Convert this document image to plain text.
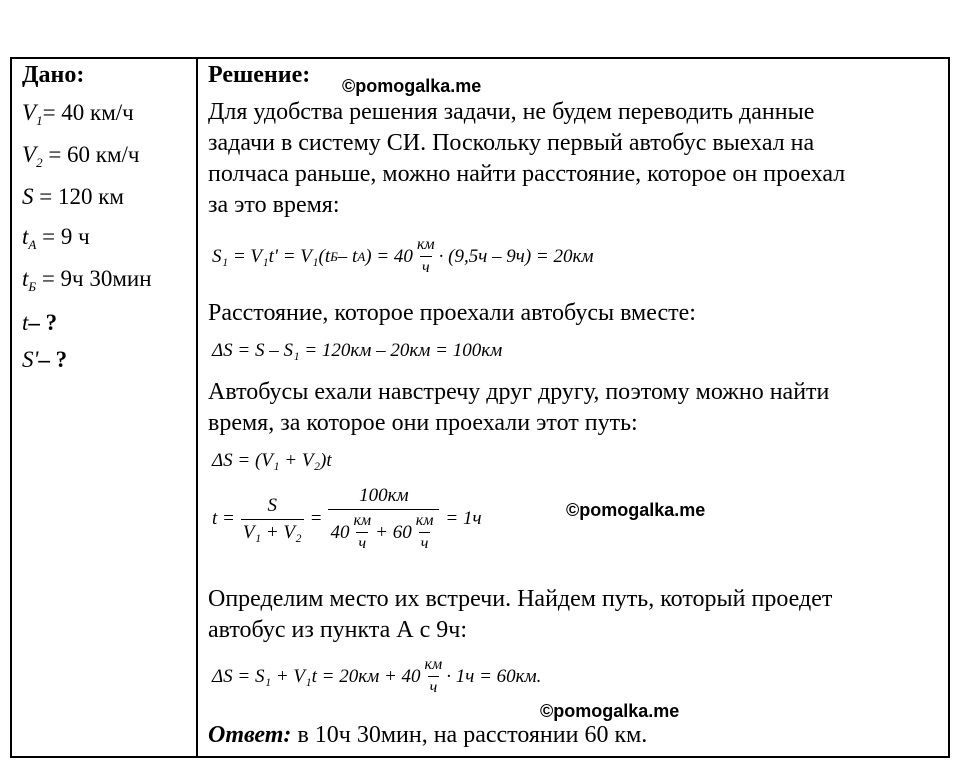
Дано:
$V_1= 40$ км/ч
$V_2 = 60$ км/ч
S = 120 км
$t_A = 9$ ч
$t_Б = 9ч$ 30мин
t– ?
S'– ?
Решение: ©pomogalka.me
Для удобства решения задачи, не будем переводить данные
задачи в систему СИ. Поскольку первый автобус выехал на
полчаса раньше, можно найти расстояние, которое он проехал
за это время:
S₁ = V₁t' = V₁(t Б – t A ) = $40 \frac{км}{ч} \cdot (9,5ч - 9ч) = 20км$
Расстояние, которое проехали автобусы вместе:
ΔS = S – S₁ = 120км – 20км = 100км
Автобусы ехали навстречу друг другу, поэтому можно найти
время, за которое они проехали этот путь:
ΔS = (V₁ + V₂)t
$t = \frac{S}{\text{V₁ + V₂}} = \frac{100км}{40 \frac{км}{ч} + 60 \frac{км}{ч}} = 1ч$	©pomogalka.me
Определим место их встречи. Найдем путь, который проедет
автобус из пункта А с 9ч:
$\Delta S = S_1 + V_1t = 20км + 40 \frac{км}{ч} \cdot 1ч = 60км$.
©pomogalka.me
Ответ: в 10ч 30мин, на расстоянии 60 км.
